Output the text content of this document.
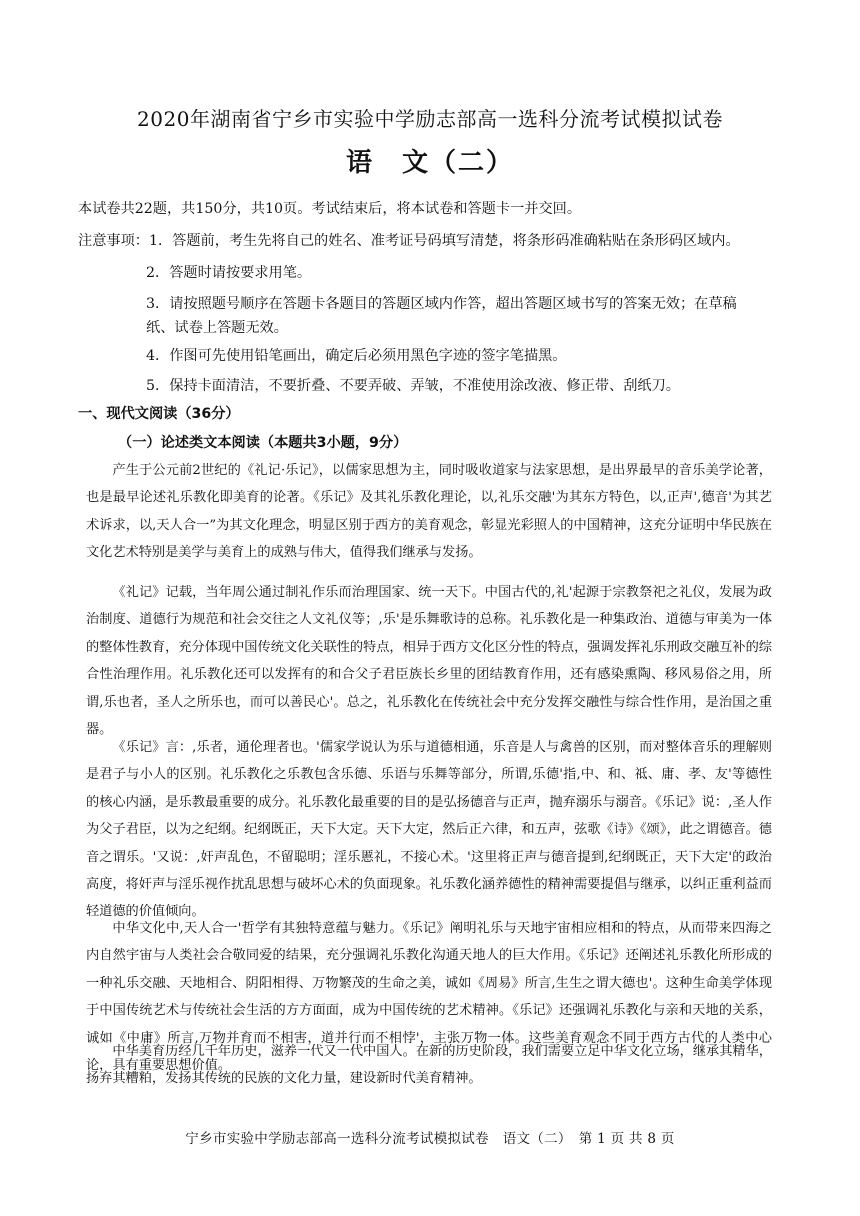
2020年湖南省宁乡市实验中学励志部高一选科分流考试模拟试卷
语　文（二）
本试卷共22题，共150分，共10页。考试结束后，将本试卷和答题卡一并交回。
注意事项：1．答题前，考生先将自己的姓名、准考证号码填写清楚，将条形码准确粘贴在条形码区域内。
2．答题时请按要求用笔。
3．请按照题号顺序在答题卡各题目的答题区域内作答，超出答题区域书写的答案无效；在草稿
纸、试卷上答题无效。
4．作图可先使用铅笔画出，确定后必须用黑色字迹的签字笔描黑。
5．保持卡面清洁，不要折叠、不要弄破、弄皱，不准使用涂改液、修正带、刮纸刀。
一、现代文阅读（36分）
（一）论述类文本阅读（本题共3小题，9分）
产生于公元前2世纪的《礼记·乐记》，以儒家思想为主，同时吸收道家与法家思想，是出界最早的音乐美学论著，也是最早论述礼乐教化即美育的论著。《乐记》及其礼乐教化理论，以,礼乐交融'为其东方特色，以,正声',德音'为其艺术诉求，以,天人合一”为其文化理念，明显区别于西方的美育观念，彰显光彩照人的中国精神，这充分证明中华民族在文化艺术特别是美学与美育上的成熟与伟大，值得我们继承与发扬。
《礼记》记载，当年周公通过制礼作乐而治理国家、统一天下。中国古代的,礼'起源于宗教祭祀之礼仪，发展为政治制度、道德行为规范和社会交往之人文礼仪等；,乐'是乐舞歌诗的总称。礼乐教化是一种集政治、道德与审美为一体的整体性教育，充分体现中国传统文化关联性的特点，相异于西方文化区分性的特点，强调发挥礼乐刑政交融互补的综合性治理作用。礼乐教化还可以发挥有的和合父子君臣族长乡里的团结教育作用，还有感染熏陶、移风易俗之用，所谓,乐也者，圣人之所乐也，而可以善民心'。总之，礼乐教化在传统社会中充分发挥交融性与综合性作用，是治国之重器。
《乐记》言：,乐者，通伦理者也。'儒家学说认为乐与道德相通，乐音是人与禽兽的区别，而对整体音乐的理解则是君子与小人的区别。礼乐教化之乐教包含乐德、乐语与乐舞等部分，所谓,乐德'指,中、和、祗、庸、孝、友'等德性的核心内涵，是乐教最重要的成分。礼乐教化最重要的目的是弘扬德音与正声，抛弃溺乐与溺音。《乐记》说：,圣人作为父子君臣，以为之纪纲。纪纲既正，天下大定。天下大定，然后正六律，和五声，弦歌《诗》《颂》，此之谓德音。德音之谓乐。'又说：,奸声乱色，不留聪明；淫乐慝礼，不接心术。'这里将正声与德音提到,纪纲既正，天下大定'的政治高度，将奸声与淫乐视作扰乱思想与破坏心术的负面现象。礼乐教化涵养德性的精神需要提倡与继承，以纠正重利益而轻道德的价值倾向。
中华文化中,天人合一'哲学有其独特意蕴与魅力。《乐记》阐明礼乐与天地宇宙相应相和的特点，从而带来四海之内自然宇宙与人类社会合敬同爱的结果，充分强调礼乐教化沟通天地人的巨大作用。《乐记》还阐述礼乐教化所形成的一种礼乐交融、天地相合、阴阳相得、万物繁茂的生命之美，诚如《周易》所言,生生之谓大德也'。这种生命美学体现于中国传统艺术与传统社会生活的方方面面，成为中国传统的艺术精神。《乐记》还强调礼乐教化与亲和天地的关系，诚如《中庸》所言,万物并育而不相害，道并行而不相悖'，主张万物一体。这些美育观念不同于西方古代的人类中心论，具有重要思想价值。
中华美育历经几千年历史，滋养一代又一代中国人。在新的历史阶段，我们需要立足中华文化立场，继承其精华，扬弃其糟粕，发扬其传统的民族的文化力量，建设新时代美育精神。
宁乡市实验中学励志部高一选科分流考试模拟试卷　语文（二）　第 1 页 共 8 页
